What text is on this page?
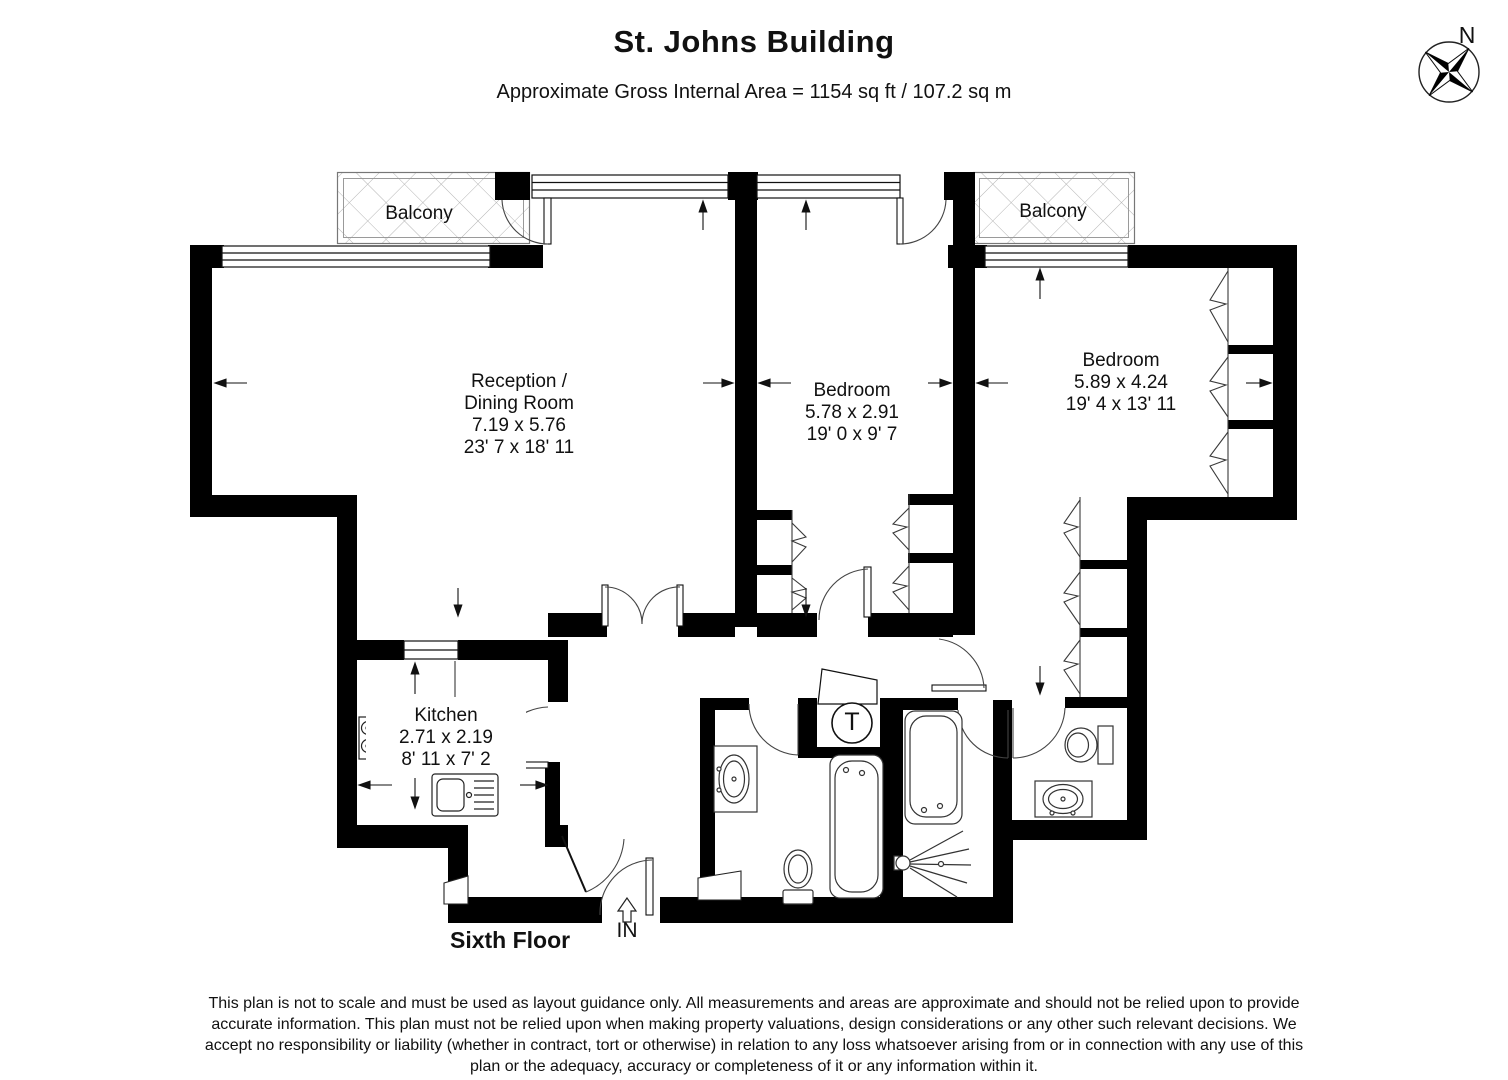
St. Johns Building
Approximate Gross Internal Area = 1154 sq ft / 107.2 sq m
N
Balcony	Balcony
Reception /
Dining Room
7.19 x 5.76
23' 7 x 18' 11
Bedroom
5.78 x 2.91
19' 0 x 9' 7
Bedroom
5.89 x 4.24
19' 4 x 13' 11
Kitchen
2.71 x 2.19
8' 11 x 7' 2
T
IN
Sixth Floor
This plan is not to scale and must be used as layout guidance only. All measurements and areas are approximate and should not be relied upon to provide accurate information. This plan must not be relied upon when making property valuations, design considerations or any other such relevant decisions. We accept no responsibility or liability (whether in contract, tort or otherwise) in relation to any loss whatsoever arising from or in connection with any use of this plan or the adequacy, accuracy or completeness of it or any information within it.
